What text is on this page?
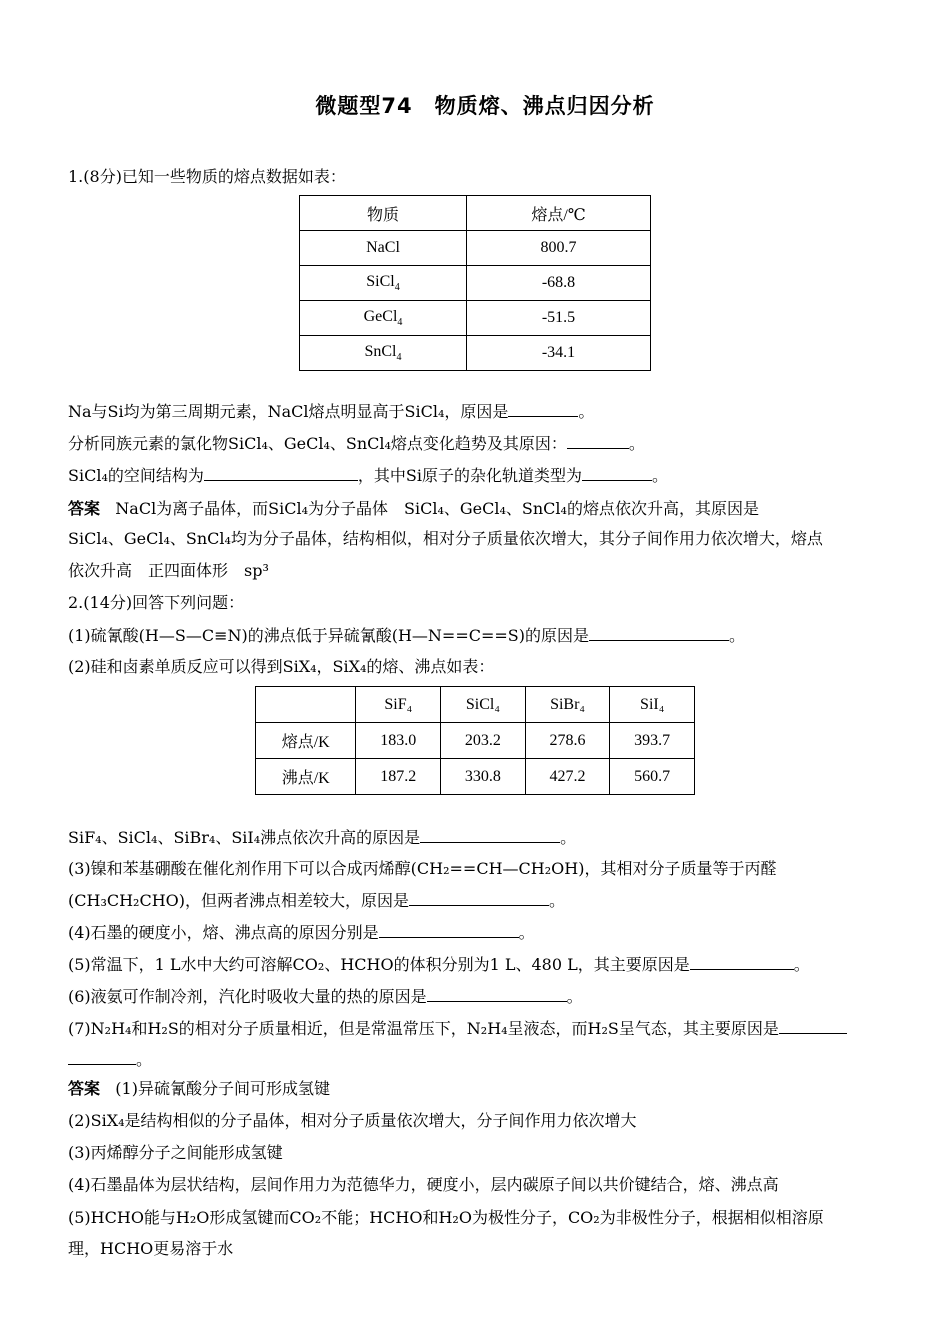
微题型74　物质熔、沸点归因分析
1.(8分)已知一些物质的熔点数据如表：
物质	熔点/℃
NaCl	800.7
SiCl$_4$	-68.8
GeCl$_4$	-51.5
SnCl$_4$	-34.1
Na与Si均为第三周期元素，NaCl熔点明显高于SiCl₄，原因是	。
分析同族元素的氯化物SiCl₄、GeCl₄、SnCl₄熔点变化趋势及其原因：	。
SiCl₄的空间结构为	，其中Si原子的杂化轨道类型为	。
答案 NaCl为离子晶体，而SiCl₄为分子晶体　SiCl₄、GeCl₄、SnCl₄的熔点依次升高，其原因是
SiCl₄、GeCl₄、SnCl₄均为分子晶体，结构相似，相对分子质量依次增大，其分子间作用力依次增大，熔点
依次升高　正四面体形　sp³
2.(14分)回答下列问题：
(1)硫氰酸(H—S—C≡N)的沸点低于异硫氰酸(H—N==C==S)的原因是	。
(2)硅和卤素单质反应可以得到SiX₄，SiX₄的熔、沸点如表：
	SiF₄	SiCl₄	SiBr₄	SiI₄
熔点/K	183.0	203.2	278.6	393.7
沸点/K	187.2	330.8	427.2	560.7
SiF₄、SiCl₄、SiBr₄、SiI₄沸点依次升高的原因是	。
(3)镍和苯基硼酸在催化剂作用下可以合成丙烯醇(CH₂==CH—CH₂OH)，其相对分子质量等于丙醛
(CH₃CH₂CHO)，但两者沸点相差较大，原因是	。
(4)石墨的硬度小，熔、沸点高的原因分别是	。
(5)常温下，1 L水中大约可溶解CO₂、HCHO的体积分别为1 L、480 L，其主要原因是	。
(6)液氨可作制冷剂，汽化时吸收大量的热的原因是	。
(7)N₂H₄和H₂S的相对分子质量相近，但是常温常压下，N₂H₄呈液态，而H₂S呈气态，其主要原因是
。
答案 (1)异硫氰酸分子间可形成氢键
(2)SiX₄是结构相似的分子晶体，相对分子质量依次增大，分子间作用力依次增大
(3)丙烯醇分子之间能形成氢键
(4)石墨晶体为层状结构，层间作用力为范德华力，硬度小，层内碳原子间以共价键结合，熔、沸点高
(5)HCHO能与H₂O形成氢键而CO₂不能；HCHO和H₂O为极性分子，CO₂为非极性分子，根据相似相溶原
理，HCHO更易溶于水
